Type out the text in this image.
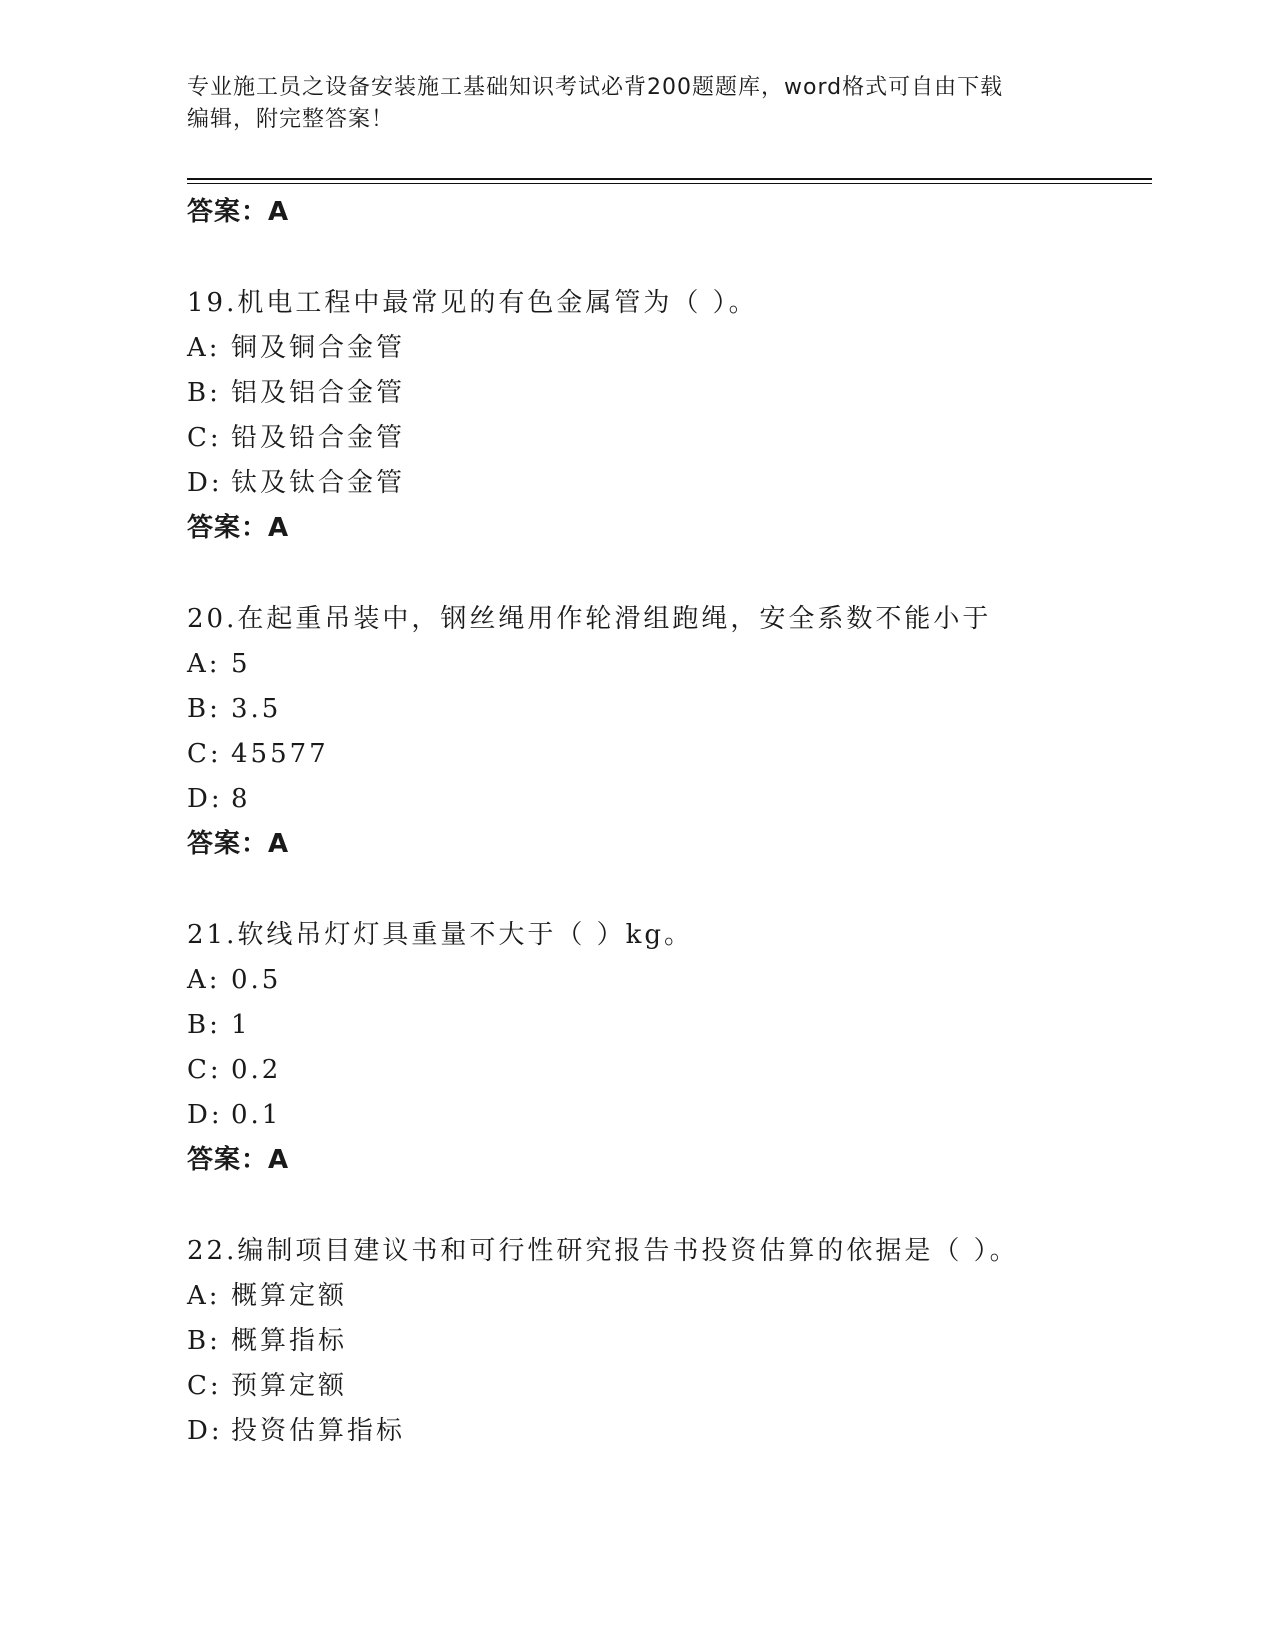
专业施工员之设备安装施工基础知识考试必背200题题库，word格式可自由下载
编辑，附完整答案！
答案：A
19.机电工程中最常见的有色金属管为（ ）。
A: 铜及铜合金管
B: 铝及铝合金管
C: 铅及铅合金管
D: 钛及钛合金管
答案：A
20.在起重吊装中，钢丝绳用作轮滑组跑绳，安全系数不能小于
A: 5
B: 3.5
C: 45577
D: 8
答案：A
21.软线吊灯灯具重量不大于（ ）kg。
A: 0.5
B: 1
C: 0.2
D: 0.1
答案：A
22.编制项目建议书和可行性研究报告书投资估算的依据是（ ）。
A: 概算定额
B: 概算指标
C: 预算定额
D: 投资估算指标
